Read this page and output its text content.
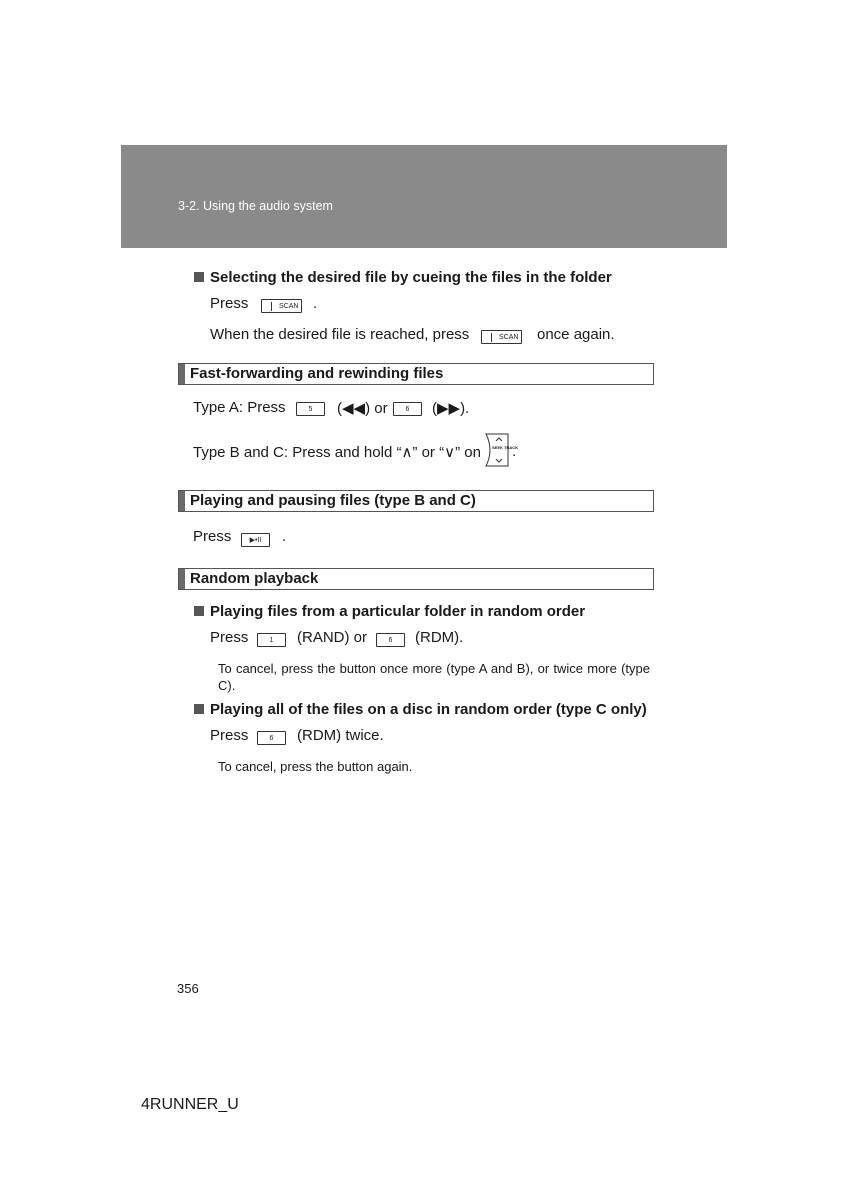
3-2. Using the audio system
Selecting the desired file by cueing the files in the folder
Press	SCAN .
When the desired file is reached, press	SCAN once again.
Fast-forwarding and rewinding files
Type A: Press	5	(◀◀) or	6	(▶▶).
Type B and C: Press and hold “∧” or “∨” on	SEEK TRACK
.
Playing and pausing files (type B and C)
Press	▶•II	.
Random playback
Playing files from a particular folder in random order
Press	1	(RAND) or	6	(RDM).
To cancel, press the button once more (type A and B), or twice more (type C).
Playing all of the files on a disc in random order (type C only)
Press	6	(RDM) twice.
To cancel, press the button again.
356
4RUNNER_U
